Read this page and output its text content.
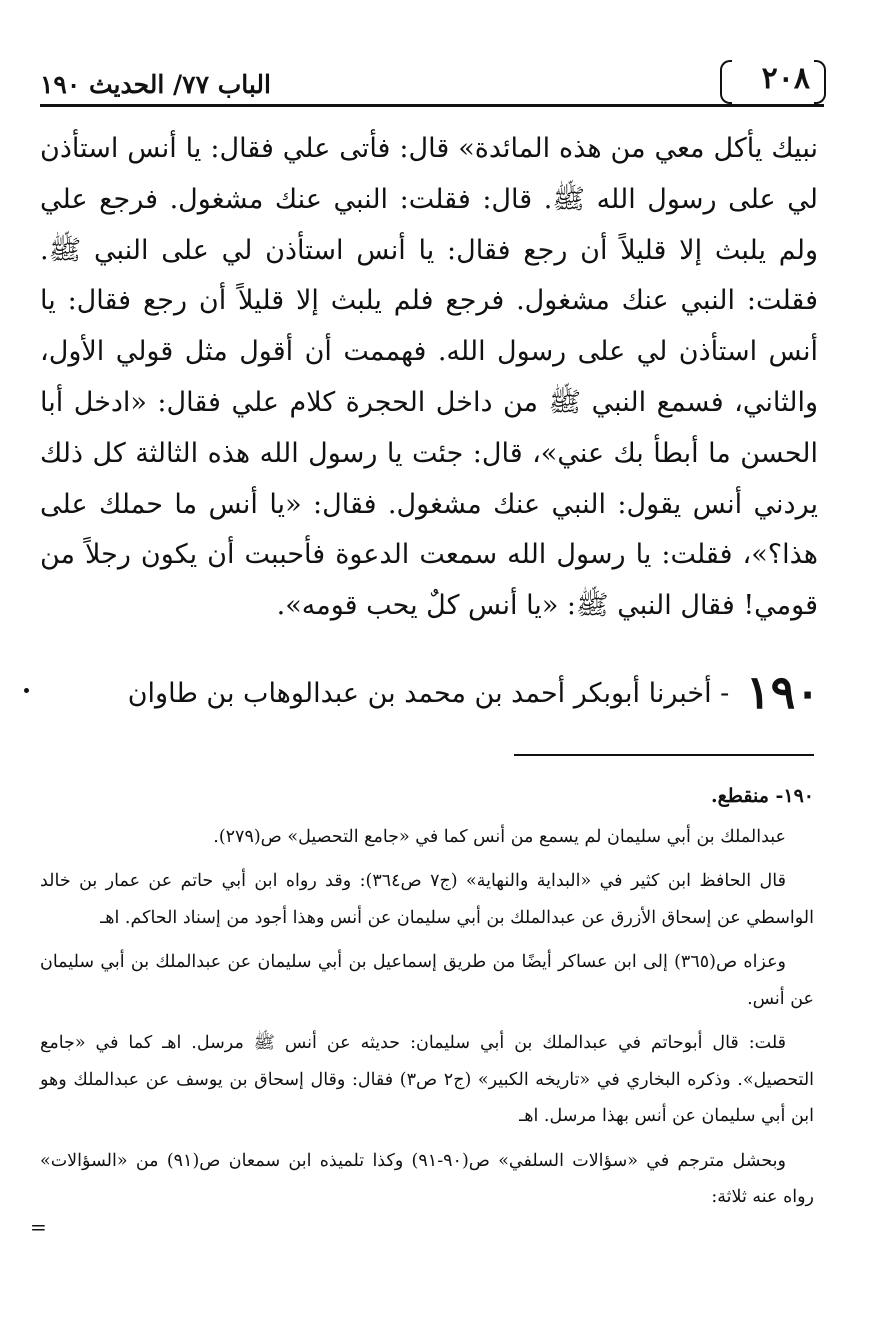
الباب ٧٧/ الحديث ١٩٠	٢٠٨

نبيك يأكل معي من هذه المائدة» قال: فأتى علي فقال: يا أنس استأذن لي على رسول الله ﷺ. قال: فقلت: النبي عنك مشغول. فرجع علي ولم يلبث إلا قليلاً أن رجع فقال: يا أنس استأذن لي على النبي ﷺ. فقلت: النبي عنك مشغول. فرجع فلم يلبث إلا قليلاً أن رجع فقال: يا أنس استأذن لي على رسول الله. فهممت أن أقول مثل قولي الأول، والثاني، فسمع النبي ﷺ من داخل الحجرة كلام علي فقال: «ادخل أبا الحسن ما أبطأ بك عني»، قال: جئت يا رسول الله هذه الثالثة كل ذلك يردني أنس يقول: النبي عنك مشغول. فقال: «يا أنس ما حملك على هذا؟»، فقلت: يا رسول الله سمعت الدعوة فأحببت أن يكون رجلاً من قومي! فقال النبي ﷺ: «يا أنس كلٌ يحب قومه».

١٩٠ - أخبرنا أبوبكر أحمد بن محمد بن عبدالوهاب بن طاوان

١٩٠- منقطع.

عبدالملك بن أبي سليمان لم يسمع من أنس كما في «جامع التحصيل» ص(٢٧٩).

قال الحافظ ابن كثير في «البداية والنهاية» (ج٧ ص٣٦٤): وقد رواه ابن أبي حاتم عن عمار بن خالد الواسطي عن إسحاق الأزرق عن عبدالملك بن أبي سليمان عن أنس وهذا أجود من إسناد الحاكم. اهـ

وعزاه ص(٣٦٥) إلى ابن عساكر أيضًا من طريق إسماعيل بن أبي سليمان عن عبدالملك بن أبي سليمان عن أنس.

قلت: قال أبوحاتم في عبدالملك بن أبي سليمان: حديثه عن أنس ﷺ مرسل. اهـ كما في «جامع التحصيل». وذكره البخاري في «تاريخه الكبير» (ج٢ ص٣) فقال: وقال إسحاق بن يوسف عن عبدالملك وهو ابن أبي سليمان عن أنس بهذا مرسل. اهـ

وبحشل مترجم في «سؤالات السلفي» ص(٩٠-٩١) وكذا تلميذه ابن سمعان ص(٩١) من «السؤالات» رواه عنه ثلاثة:

=
